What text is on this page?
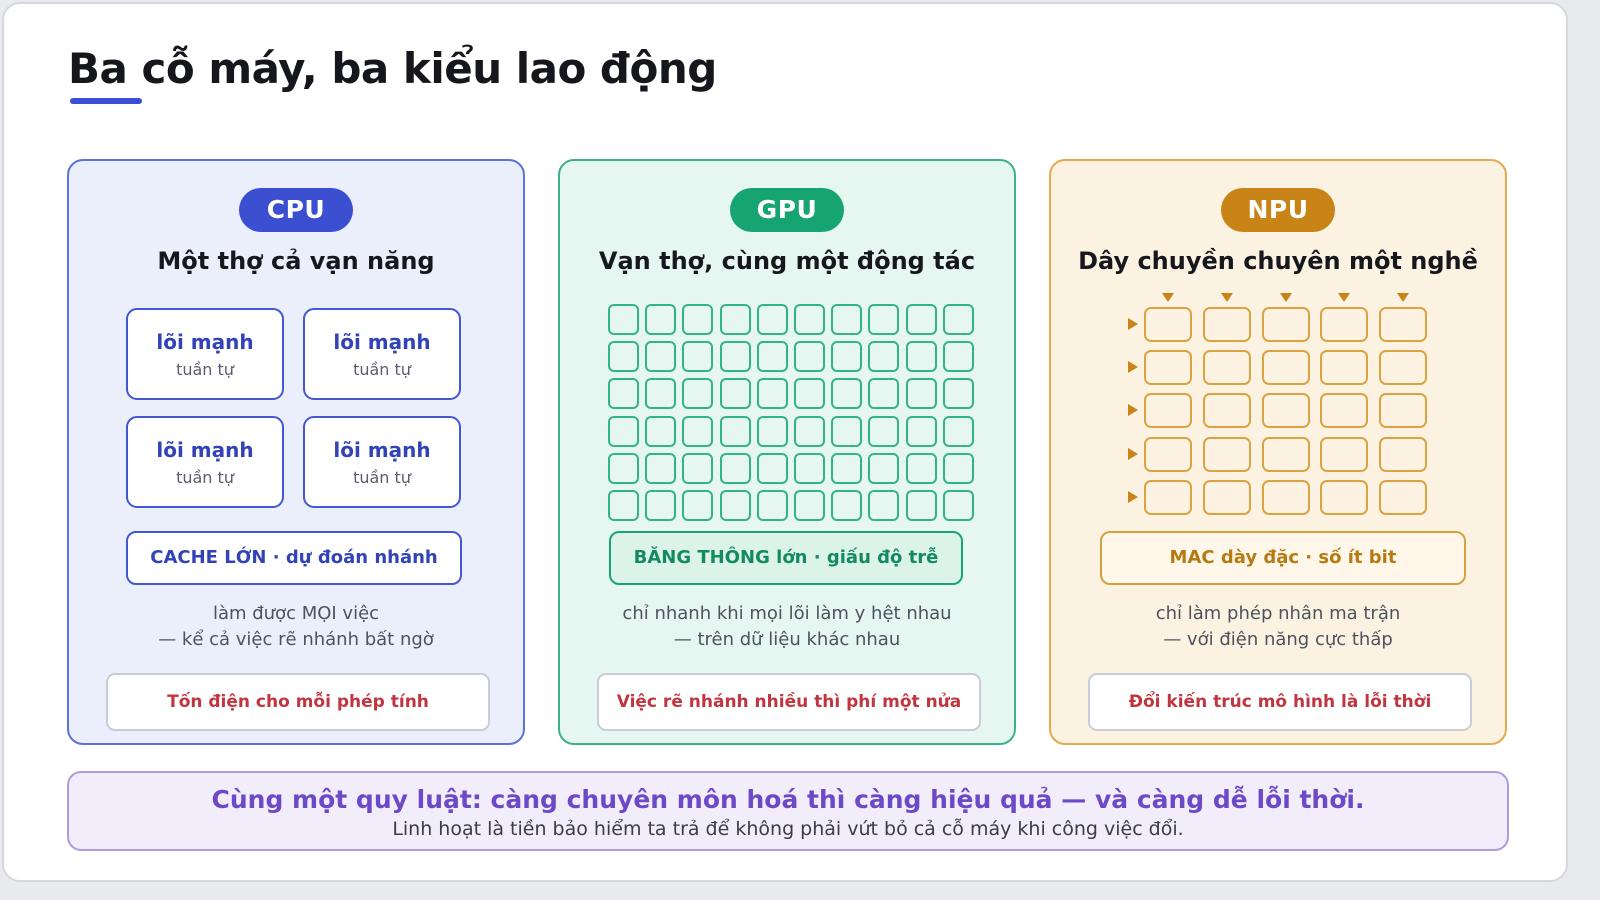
Ba cỗ máy, ba kiểu lao động
CPU
Một thợ cả vạn năng
lõi mạnh
tuần tự
lõi mạnh
tuần tự
lõi mạnh
tuần tự
lõi mạnh
tuần tự
CACHE LỚN · dự đoán nhánh
làm được MỌI việc
— kể cả việc rẽ nhánh bất ngờ
Tốn điện cho mỗi phép tính
GPU
Vạn thợ, cùng một động tác
BĂNG THÔNG lớn · giấu độ trễ
chỉ nhanh khi mọi lõi làm y hệt nhau
— trên dữ liệu khác nhau
Việc rẽ nhánh nhiều thì phí một nửa
NPU
Dây chuyền chuyên một nghề
MAC dày đặc · số ít bit
chỉ làm phép nhân ma trận
— với điện năng cực thấp
Đổi kiến trúc mô hình là lỗi thời
Cùng một quy luật: càng chuyên môn hoá thì càng hiệu quả — và càng dễ lỗi thời.
Linh hoạt là tiền bảo hiểm ta trả để không phải vứt bỏ cả cỗ máy khi công việc đổi.
